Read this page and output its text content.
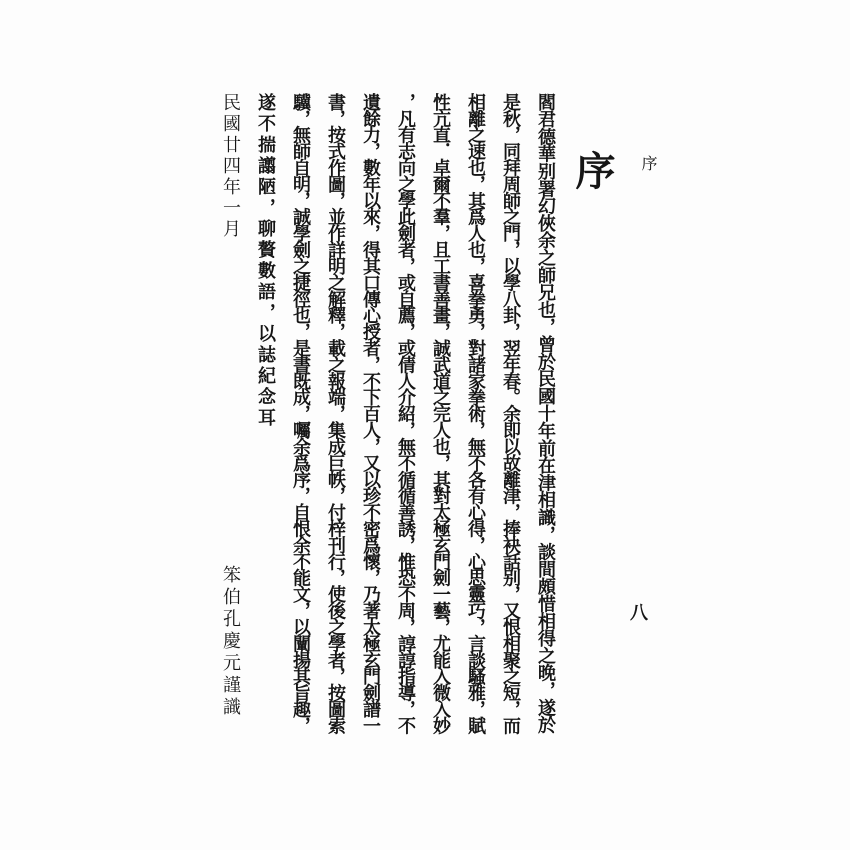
序
八
序
閻君德華别署幻俠余之師兄也，曾於民國十年前在津相識，談間頗惜相得之晚，遂於
是秋，同拜周師之門，以學八卦，翌年春。余即以故離津，捧袂話别，又恨相聚之短，而
相離之速也，其爲人也，喜拳勇，對諸家拳術，無不各有心得，心思靈巧，言談騷雅，賦
性亢直．卓爾不羣，且工書善畫，誠武道之完人也，其對太極玄門劍一藝，尤能入微入妙
，凡有志向之學此劍者，或自薦，或倩人介紹，無不循循善誘，惟恐不周，諄諄指導，不
遺餘力，數年以來，得其口傳心授者，不下百人，又以珍不密爲懷，乃著太極玄門劍譜一
書，按式作圖，並作詳明之解釋，載之報端，集成巨帙，付梓刊行，使後之學者，按圖索
驥，無師自明，誠學劍之捷徑也，是書既成，囑余爲序，自恨余不能文，以闡揚其旨趣，
遂不揣譾陋，聊贅數語，以誌紀念耳
民國廿四年一月
笨伯孔慶元謹識
